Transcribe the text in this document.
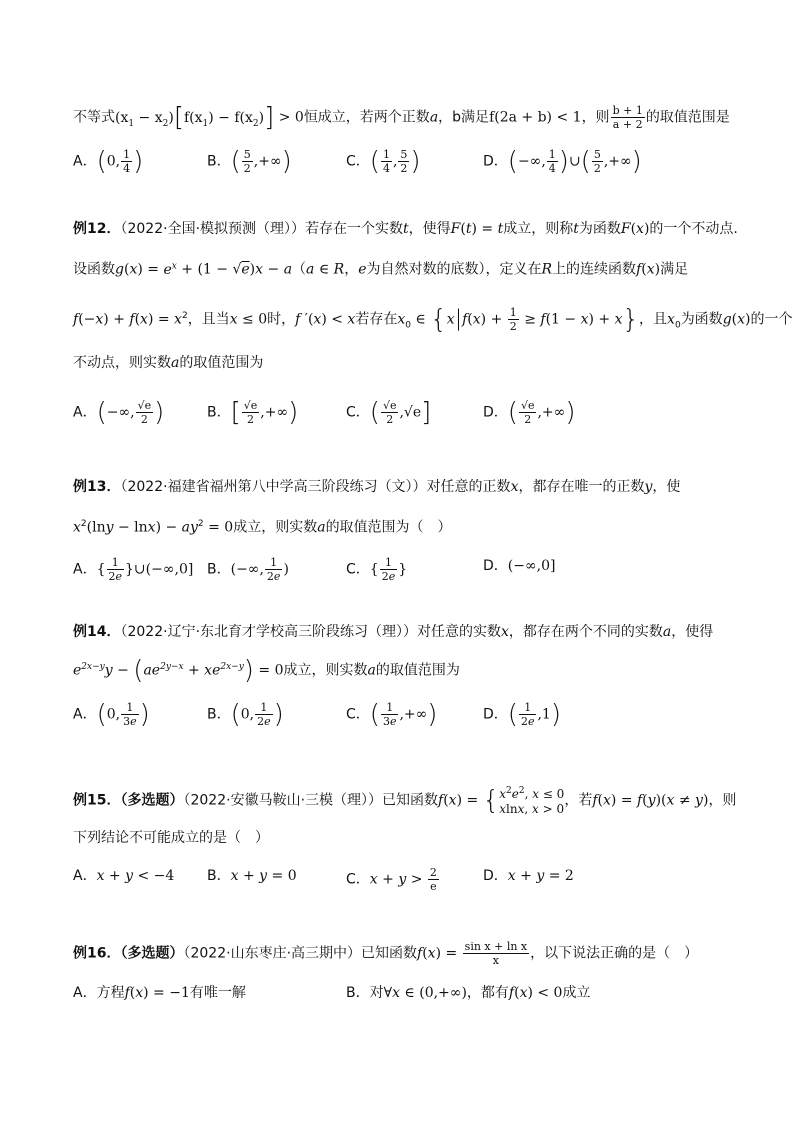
不等式$(x_1 - x_2)[f(x_1) - f(x_2)] > 0$恒成立，若两个正数a，b满足f(2a + b) < 1，则 $\frac{b + 1}{a + 2}$ 的取值范围是
A．(0, $\frac{1}{4}$ )	B．( $\frac{5}{2}$ ,+∞)	C．( $\frac{1}{4}$ , $\frac{5}{2}$ )	D．(−∞, $\frac{1}{4}$ )∪( $\frac{5}{2}$ ,+∞)
例12．（2022·全国·模拟预测（理））若存在一个实数t，使得F(t) = t成立，则称t为函数F(x)的一个不动点.
设函数$g(x) = e^x + (1 - √e)x - a(a$ ∈ R，e为自然对数的底数），定义在R上的连续函数f(x)满足
$f(-x) + f(x) = x^2$，且当x ≤ 0时，f ′(x) < x若存在$x_0$ ∈ $\{x|f(x) + \frac{1}{2} \ge f(1 - x) + x\}$，且$x_0$为函数g(x)的一个
不动点，则实数a的取值范围为
A．(−∞, $\frac{√e}{2}$ )	B．[ $\frac{√e}{2}$ ,+∞)	C．( $\frac{√e}{2} ,√e$]	D．( $\frac{√e}{2}$ ,+∞)
例13．（2022·福建省福州第八中学高三阶段练习（文））对任意的正数x，都存在唯一的正数y，使
$x^2(\ln y - \ln x) - ay^2 = 0$成立，则实数a的取值范围为（　）
A．{ $\frac{1}{2e}$ }∪(−∞,0] B．(−∞, $\frac{1}{2e}$ )	C．{ $\frac{1}{2e}$ }	D．(−∞,0]
例14．（2022·辽宁·东北育才学校高三阶段练习（理））对任意的实数x，都存在两个不同的实数a，使得
$e^{2x-y}y - (ae^{2y-x} + xe^{2x-y}) = 0$成立，则实数a的取值范围为
A．(0, $\frac{1}{3e}$ )	B．(0, $\frac{1}{2e}$ )	C．( $\frac{1}{3e}$ ,+∞)	D．( $\frac{1}{2e} ,1$)
例15．（多选题）（2022·安徽马鞍山·三模（理））已知函数$f(x) = \{x^2e^2$, x ≤ 0
xlnx, x > 0，若f(x) = f(y)(x ≠ y)，则
下列结论不可能成立的是（　）
A．x + y < −4 B．x + y = 0	C．$x + y > \frac{2}{e}$	D．x + y = 2
例16．（多选题）（2022·山东枣庄·高三期中）已知函数$f(x) = \frac{\text{sin x + ln x}}{x}$ ，以下说法正确的是（　）
A．方程f(x) = −1有唯一解	B．对∀x ∈ (0,+∞)，都有f(x) < 0成立
